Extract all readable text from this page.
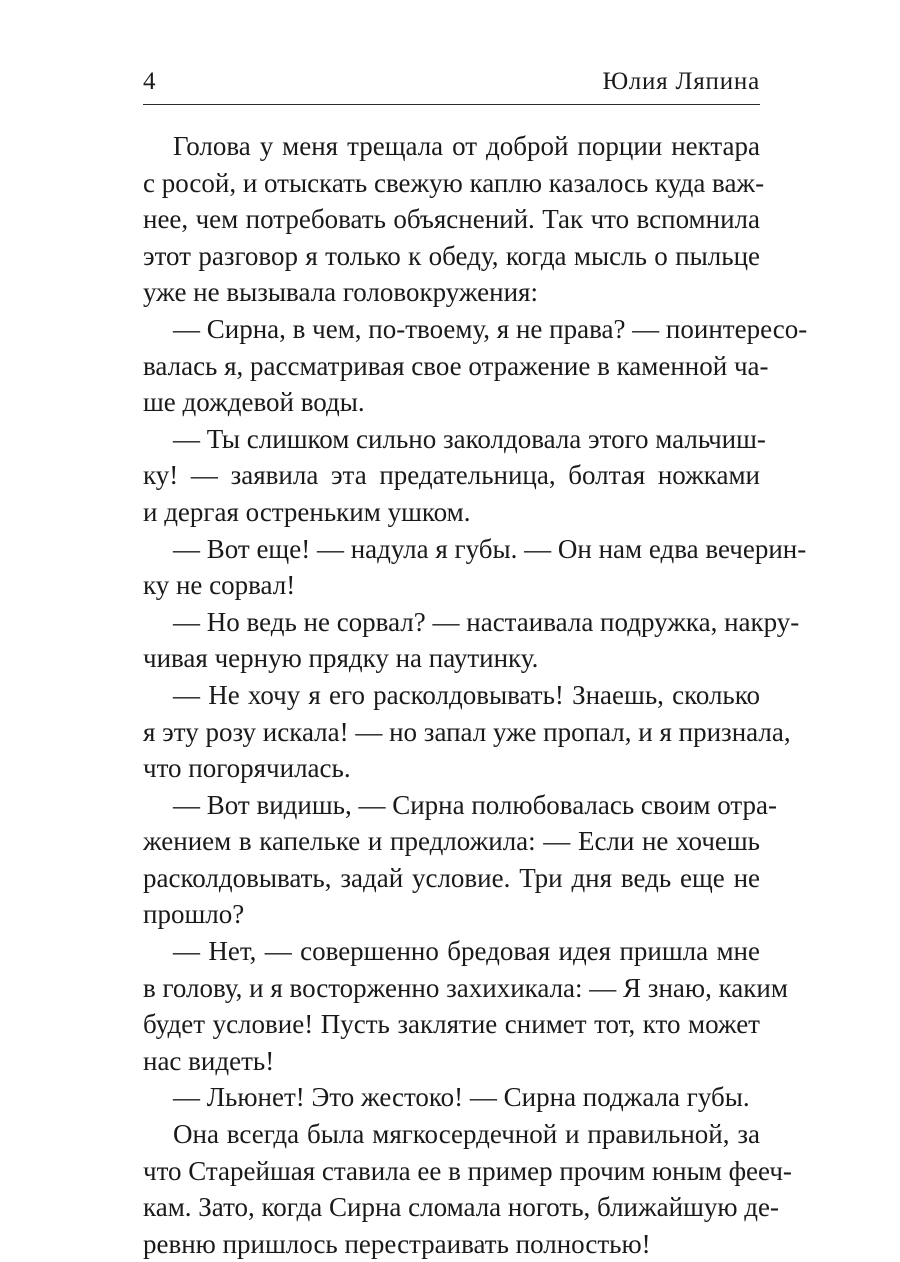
4	Юлия Ляпина
Голова у меня трещала от доброй порции нектара
с росой, и отыскать свежую каплю казалось куда важ-
нее, чем потребовать объяснений. Так что вспомнила
этот разговор я только к обеду, когда мысль о пыльце
уже не вызывала головокружения:
— Сирна, в чем, по-твоему, я не права? — поинтересо-
валась я, рассматривая свое отражение в каменной ча-
ше дождевой воды.
— Ты слишком сильно заколдовала этого мальчиш-
ку! — заявила эта предательница, болтая ножками
и дергая остреньким ушком.
— Вот еще! — надула я губы. — Он нам едва вечерин-
ку не сорвал!
— Но ведь не сорвал? — настаивала подружка, накру-
чивая черную прядку на паутинку.
— Не хочу я его расколдовывать! Знаешь, сколько
я эту розу искала! — но запал уже пропал, и я признала,
что погорячилась.
— Вот видишь, — Сирна полюбовалась своим отра-
жением в капельке и предложила: — Если не хочешь
расколдовывать, задай условие. Три дня ведь еще не
прошло?
— Нет, — совершенно бредовая идея пришла мне
в голову, и я восторженно захихикала: — Я знаю, каким
будет условие! Пусть заклятие снимет тот, кто может
нас видеть!
— Льюнет! Это жестоко! — Сирна поджала губы.
Она всегда была мягкосердечной и правильной, за
что Старейшая ставила ее в пример прочим юным фееч-
кам. Зато, когда Сирна сломала ноготь, ближайшую де-
ревню пришлось перестраивать полностью!
